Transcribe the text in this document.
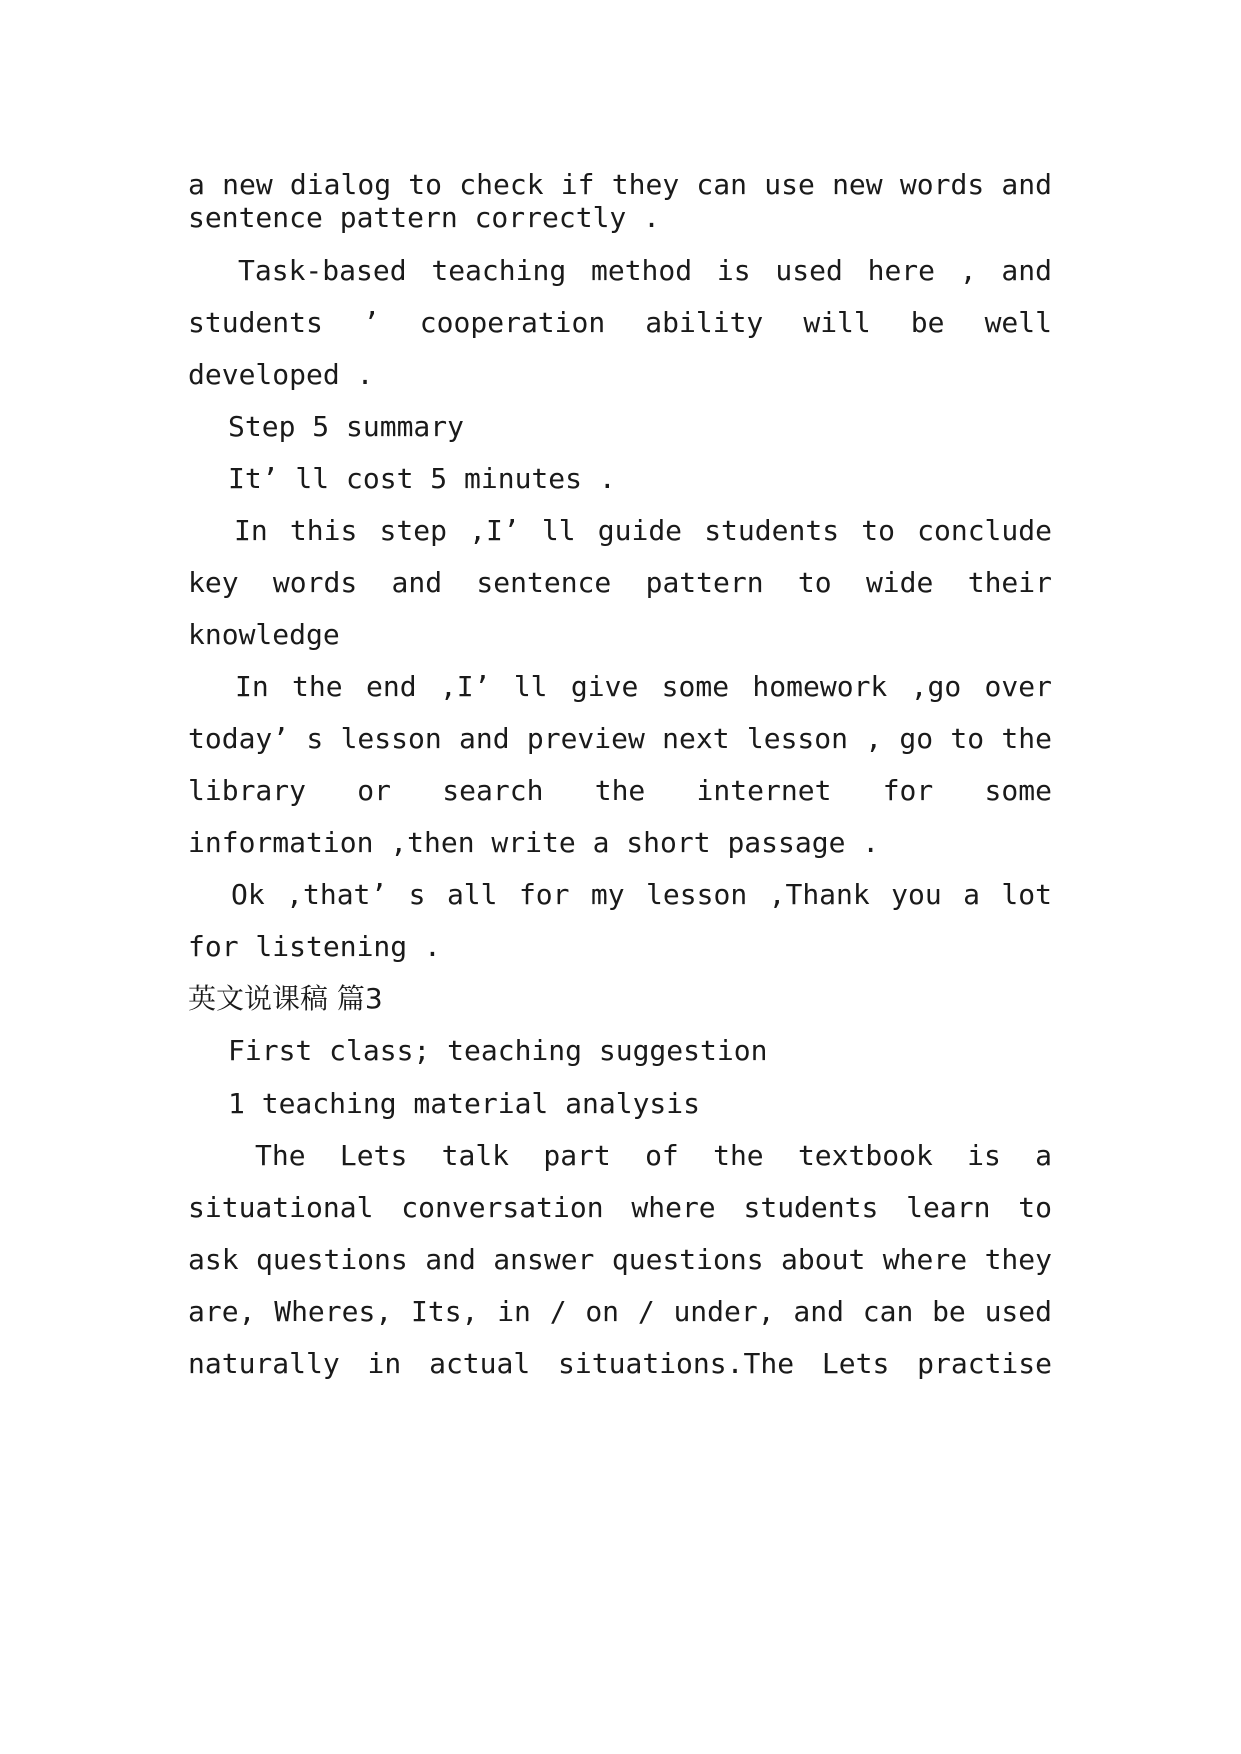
a new dialog to check if they can use new words and
sentence pattern correctly .
Task-based teaching method is used here , and
students ’ cooperation ability will be well
developed .
Step 5 summary
It’ ll cost 5 minutes .
In this step ,I’ ll guide students to conclude
key words and sentence pattern to wide their
knowledge
In the end ,I’ ll give some homework ,go over
today’ s lesson and preview next lesson , go to the
library or search the internet for some
information ,then write a short passage .
Ok ,that’ s all for my lesson ,Thank you a lot
for listening .
英文说课稿 篇3
First class; teaching suggestion
1 teaching material analysis
The Lets talk part of the textbook is a
situational conversation where students learn to
ask questions and answer questions about where they
are, Wheres, Its, in / on / under, and can be used
naturally in actual situations.The Lets practise
